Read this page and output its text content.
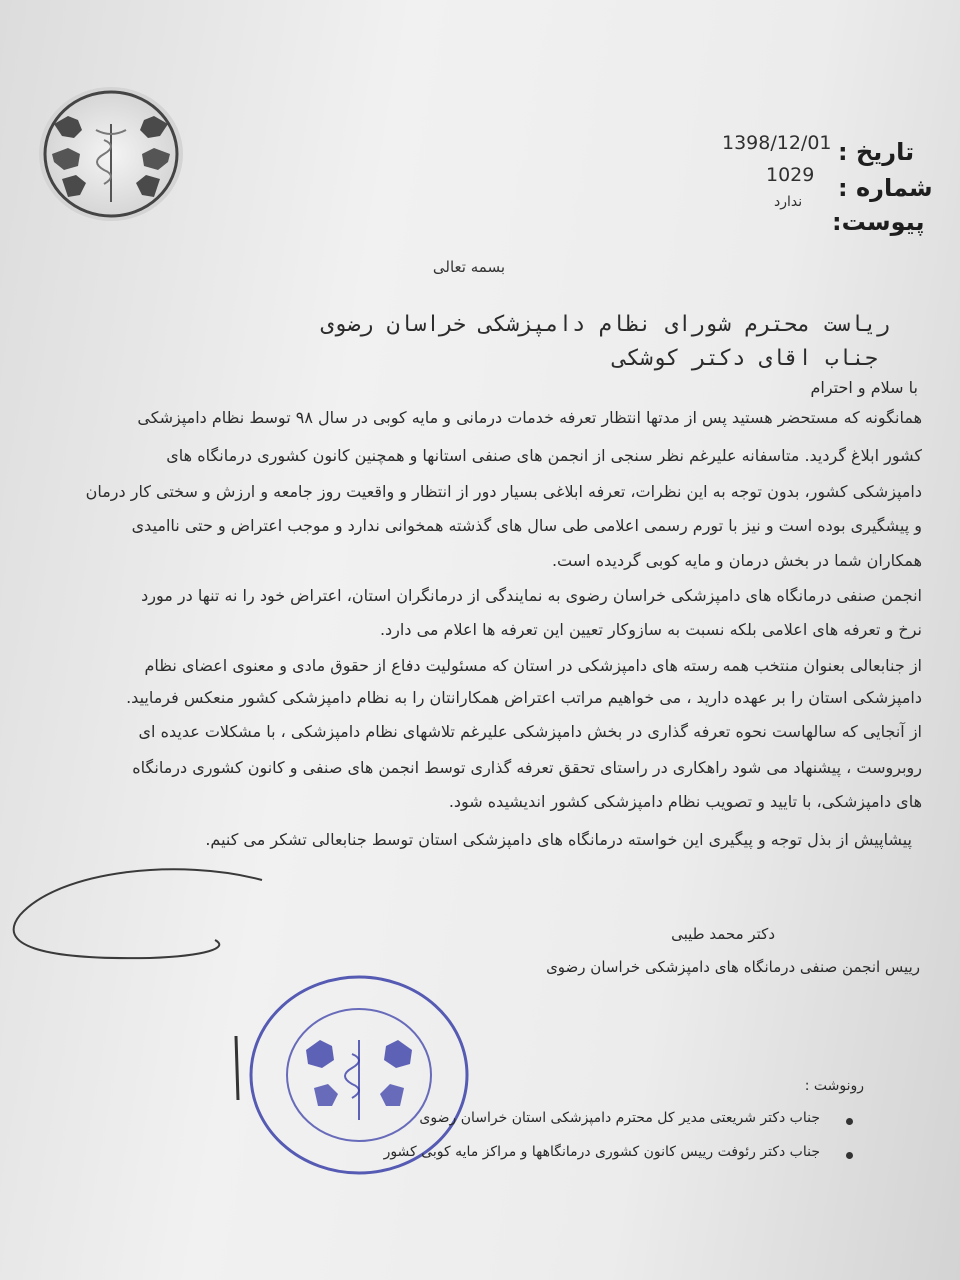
تاریخ :
1398/12/01
شماره :
1029
پیوست:
ندارد
بسمه تعالی
ریاست محترم شورای نظام دامپزشکی خراسان رضوی
جناب اقای دکتر کوشکی
با سلام و احترام
همانگونه که مستحضر هستید پس از مدتها انتظار تعرفه خدمات درمانی و مایه کوبی در سال ۹۸ توسط نظام دامپزشکی
کشور ابلاغ گردید. متاسفانه علیرغم نظر سنجی از انجمن های صنفی استانها و همچنین کانون کشوری درمانگاه های
دامپزشکی کشور، بدون توجه به این نظرات، تعرفه ابلاغی بسیار دور از انتظار و واقعیت روز جامعه و ارزش و سختی کار درمان
و پیشگیری بوده است و نیز با تورم رسمی اعلامی طی سال های گذشته همخوانی ندارد و موجب اعتراض و حتی ناامیدی
همکاران شما در بخش درمان و مایه کوبی گردیده است.
انجمن صنفی درمانگاه های دامپزشکی خراسان رضوی به نمایندگی از درمانگران استان، اعتراض خود را نه تنها در مورد
نرخ و تعرفه های اعلامی بلکه نسبت به سازوکار تعیین این تعرفه ها اعلام می دارد.
از جنابعالی بعنوان منتخب همه رسته های دامپزشکی در استان که مسئولیت دفاع از حقوق مادی و معنوی اعضای نظام
دامپزشکی استان را بر عهده دارید ، می خواهیم مراتب اعتراض همکارانتان را به نظام دامپزشکی کشور منعکس فرمایید.
از آنجایی که سالهاست نحوه تعرفه گذاری در بخش دامپزشکی علیرغم تلاشهای نظام دامپزشکی ، با مشکلات عدیده ای
روبروست ، پیشنهاد می شود راهکاری در راستای تحقق تعرفه گذاری توسط انجمن های صنفی و کانون کشوری درمانگاه
های دامپزشکی، با تایید و تصویب نظام دامپزشکی کشور اندیشیده شود.
پیشاپیش از بذل توجه و پیگیری این خواسته درمانگاه های دامپزشکی استان توسط جنابعالی تشکر می کنیم.
دکتر محمد طیبی
رییس انجمن صنفی درمانگاه های دامپزشکی خراسان رضوی
رونوشت :
جناب دکتر شریعتی مدیر کل محترم دامپزشکی استان خراسان رضوی
جناب دکتر رئوفت رییس کانون کشوری درمانگاهها و مراکز مایه کوبی کشور
